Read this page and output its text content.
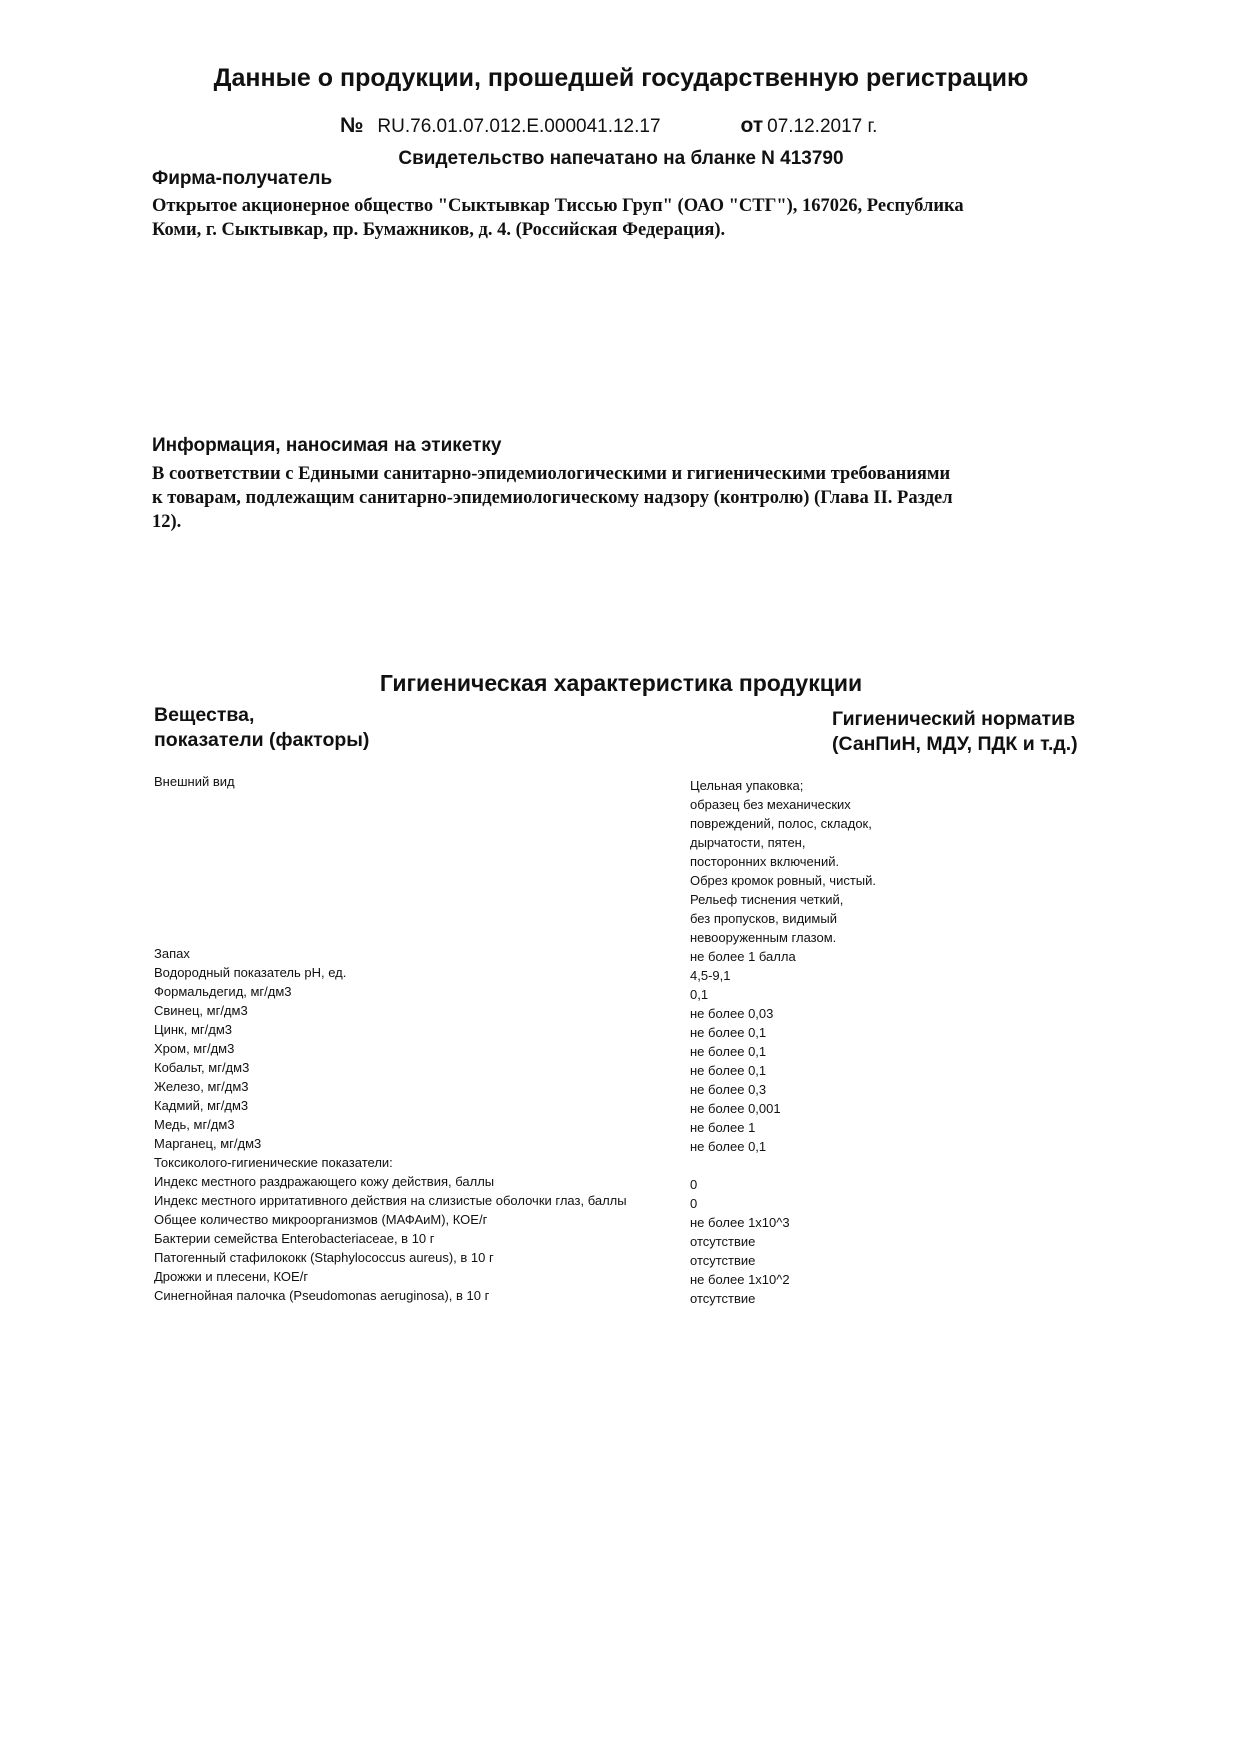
Данные о продукции, прошедшей государственную регистрацию
№ RU.76.01.07.012.E.000041.12.17	от 07.12.2017 г.
Свидетельство напечатано на бланке N 413790
Фирма-получатель
Открытое акционерное общество "Сыктывкар Тиссью Груп" (ОАО "СТГ"), 167026, Республика
Коми, г. Сыктывкар, пр. Бумажников, д. 4. (Российская Федерация).
Информация, наносимая на этикетку
В соответствии с Едиными санитарно-эпидемиологическими и гигиеническими требованиями
к товарам, подлежащим санитарно-эпидемиологическому надзору (контролю) (Глава II. Раздел
12).
Гигиеническая характеристика продукции
Вещества,
показатели (факторы)
Гигиенический норматив
(СанПиН, МДУ, ПДК и т.д.)
Внешний вид	Цельная упаковка;
образец без механических
повреждений, полос, складок,
дырчатости, пятен,
посторонних включений.
Обрез кромок ровный, чистый.
Рельеф тиснения четкий,
без пропусков, видимый
невооруженным глазом.
Запах
Водородный показатель pH, ед.
Формальдегид, мг/дм3
Свинец, мг/дм3
Цинк, мг/дм3
Хром, мг/дм3
Кобальт, мг/дм3
Железо, мг/дм3
Кадмий, мг/дм3
Медь, мг/дм3
Марганец, мг/дм3
Токсиколого-гигиенические показатели:
Индекс местного раздражающего кожу действия, баллы
Индекс местного ирритативного действия на слизистые оболочки глаз, баллы
Общее количество микроорганизмов (МАФАиМ), КОЕ/г
Бактерии семейства Enterobacteriaceae, в 10 г
Патогенный стафилококк (Staphylococcus aureus), в 10 г
Дрожжи и плесени, КОЕ/г
Синегнойная палочка (Pseudomonas aeruginosa), в 10 г
не более 1 балла
4,5-9,1
0,1
не более 0,03
не более 0,1
не более 0,1
не более 0,1
не более 0,3
не более 0,001
не более 1
не более 0,1
0
0
не более 1x10^3
отсутствие
отсутствие
не более 1x10^2
отсутствие
